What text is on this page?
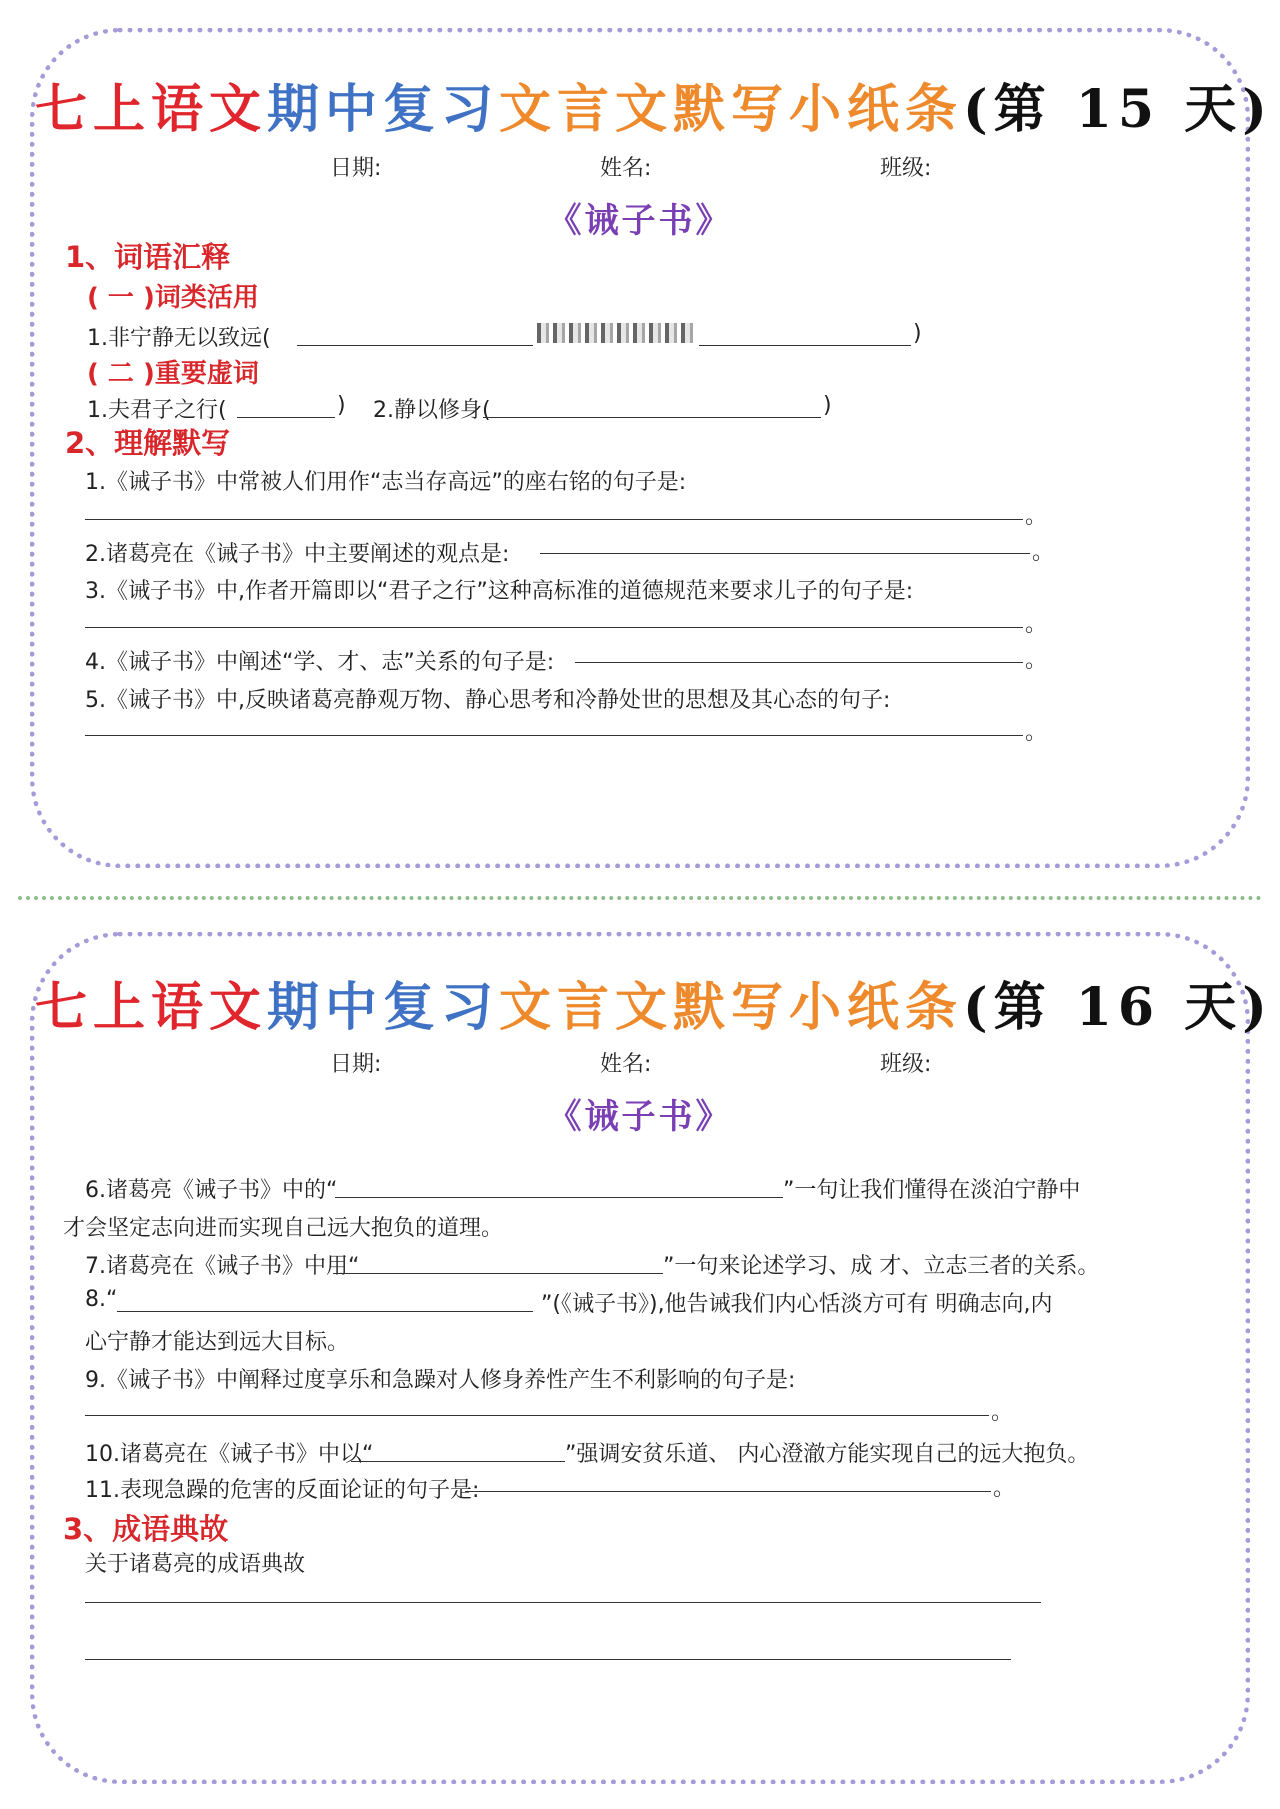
七上语文期中复习文言文默写小纸条(第 15 天)
日期:	姓名:	班级:
《诫子书》
1、词语汇释
( 一 )词类活用
1.非宁静无以致远(	)
( 二 )重要虚词
1.夫君子之行(	) 2.静以修身(	)
2、理解默写
1.《诫子书》中常被人们用作“志当存高远”的座右铭的句子是:
。
2.诸葛亮在《诫子书》中主要阐述的观点是:	。
3.《诫子书》中,作者开篇即以“君子之行”这种高标准的道德规范来要求儿子的句子是:
。
4.《诫子书》中阐述“学、才、志”关系的句子是:	。
5.《诫子书》中,反映诸葛亮静观万物、静心思考和冷静处世的思想及其心态的句子:
。
七上语文期中复习文言文默写小纸条(第 16 天)
日期:	姓名:	班级:
《诫子书》
6.诸葛亮《诫子书》中的“	”一句让我们懂得在淡泊宁静中
才会坚定志向进而实现自己远大抱负的道理。
7.诸葛亮在《诫子书》中用“	”一句来论述学习、成 才、立志三者的关系。
8.“	”(《诫子书》),他告诫我们内心恬淡方可有 明确志向,内
心宁静才能达到远大目标。
9.《诫子书》中阐释过度享乐和急躁对人修身养性产生不利影响的句子是:
。
10.诸葛亮在《诫子书》中以“	”强调安贫乐道、 内心澄澈方能实现自己的远大抱负。
11.表现急躁的危害的反面论证的句子是:	。
3、成语典故
关于诸葛亮的成语典故
